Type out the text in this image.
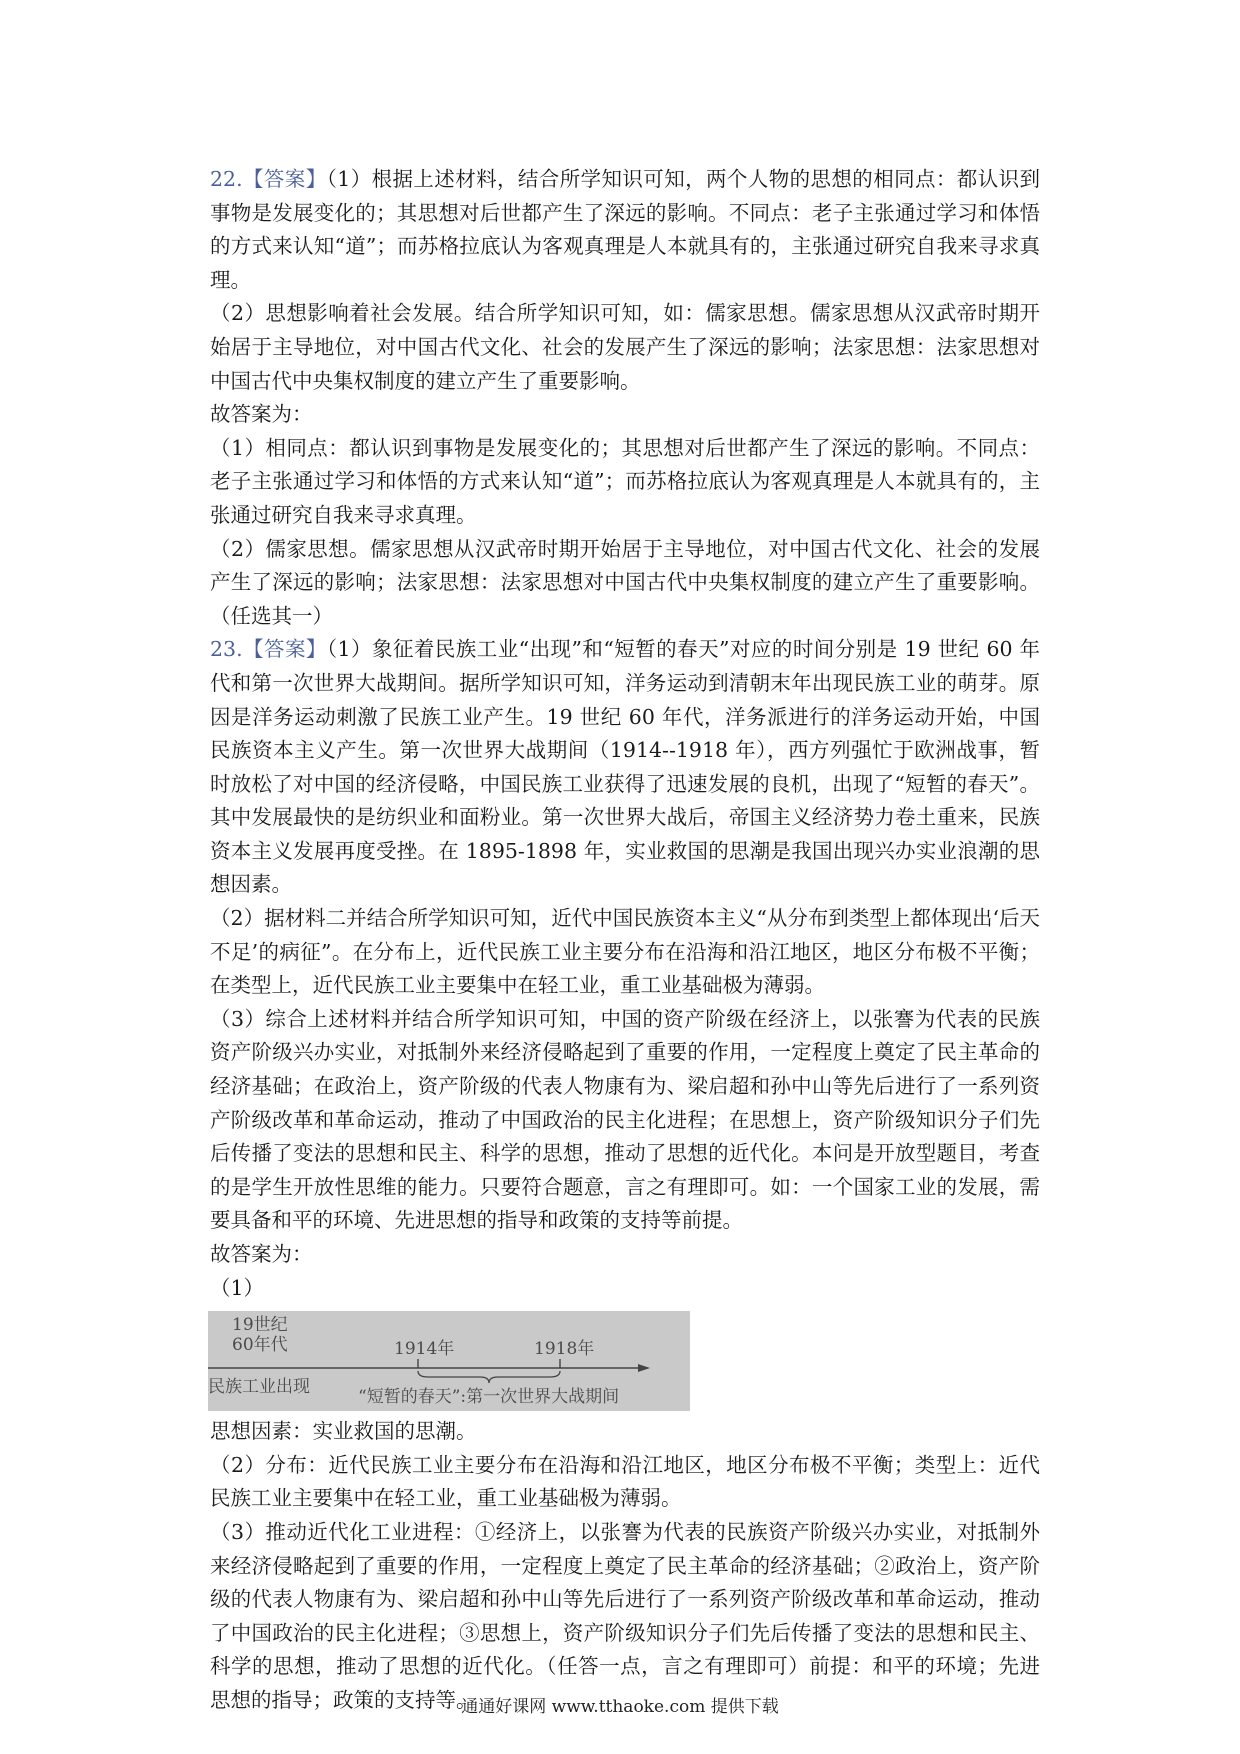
22.【答案】（1）根据上述材料，结合所学知识可知，两个人物的思想的相同点：都认识到事物是发展变化的；其思想对后世都产生了深远的影响。不同点：老子主张通过学习和体悟的方式来认知“道”；而苏格拉底认为客观真理是人本就具有的，主张通过研究自我来寻求真理。

（2）思想影响着社会发展。结合所学知识可知，如：儒家思想。儒家思想从汉武帝时期开始居于主导地位，对中国古代文化、社会的发展产生了深远的影响；法家思想：法家思想对中国古代中央集权制度的建立产生了重要影响。

故答案为：

（1）相同点：都认识到事物是发展变化的；其思想对后世都产生了深远的影响。不同点：老子主张通过学习和体悟的方式来认知“道”；而苏格拉底认为客观真理是人本就具有的，主张通过研究自我来寻求真理。

（2）儒家思想。儒家思想从汉武帝时期开始居于主导地位，对中国古代文化、社会的发展产生了深远的影响；法家思想：法家思想对中国古代中央集权制度的建立产生了重要影响。（任选其一）

23.【答案】（1）象征着民族工业“出现”和“短暂的春天”对应的时间分别是 19 世纪 60 年代和第一次世界大战期间。据所学知识可知，洋务运动到清朝末年出现民族工业的萌芽。原因是洋务运动刺激了民族工业产生。19 世纪 60 年代，洋务派进行的洋务运动开始，中国民族资本主义产生。第一次世界大战期间（1914--1918 年），西方列强忙于欧洲战事，暂时放松了对中国的经济侵略，中国民族工业获得了迅速发展的良机，出现了“短暂的春天”。其中发展最快的是纺织业和面粉业。第一次世界大战后，帝国主义经济势力卷土重来，民族资本主义发展再度受挫。在 1895-1898 年，实业救国的思潮是我国出现兴办实业浪潮的思想因素。

（2）据材料二并结合所学知识可知，近代中国民族资本主义“从分布到类型上都体现出‘后天不足’的病征”。在分布上，近代民族工业主要分布在沿海和沿江地区，地区分布极不平衡；在类型上，近代民族工业主要集中在轻工业，重工业基础极为薄弱。

（3）综合上述材料并结合所学知识可知，中国的资产阶级在经济上，以张謇为代表的民族资产阶级兴办实业，对抵制外来经济侵略起到了重要的作用，一定程度上奠定了民主革命的经济基础；在政治上，资产阶级的代表人物康有为、梁启超和孙中山等先后进行了一系列资产阶级改革和革命运动，推动了中国政治的民主化进程；在思想上，资产阶级知识分子们先后传播了变法的思想和民主、科学的思想，推动了思想的近代化。本问是开放型题目，考查的是学生开放性思维的能力。只要符合题意，言之有理即可。如：一个国家工业的发展，需要具备和平的环境、先进思想的指导和政策的支持等前提。

故答案为：

（1）

19世纪
60年代	1914年	1918年
民族工业出现	“短暂的春天”:第一次世界大战期间

思想因素：实业救国的思潮。

（2）分布：近代民族工业主要分布在沿海和沿江地区，地区分布极不平衡；类型上：近代民族工业主要集中在轻工业，重工业基础极为薄弱。

（3）推动近代化工业进程：①经济上，以张謇为代表的民族资产阶级兴办实业，对抵制外来经济侵略起到了重要的作用，一定程度上奠定了民主革命的经济基础；②政治上，资产阶级的代表人物康有为、梁启超和孙中山等先后进行了一系列资产阶级改革和革命运动，推动了中国政治的民主化进程；③思想上，资产阶级知识分子们先后传播了变法的思想和民主、科学的思想，推动了思想的近代化。（任答一点，言之有理即可）前提：和平的环境；先进思想的指导；政策的支持等。

通通好课网 www.tthaoke.com 提供下载
